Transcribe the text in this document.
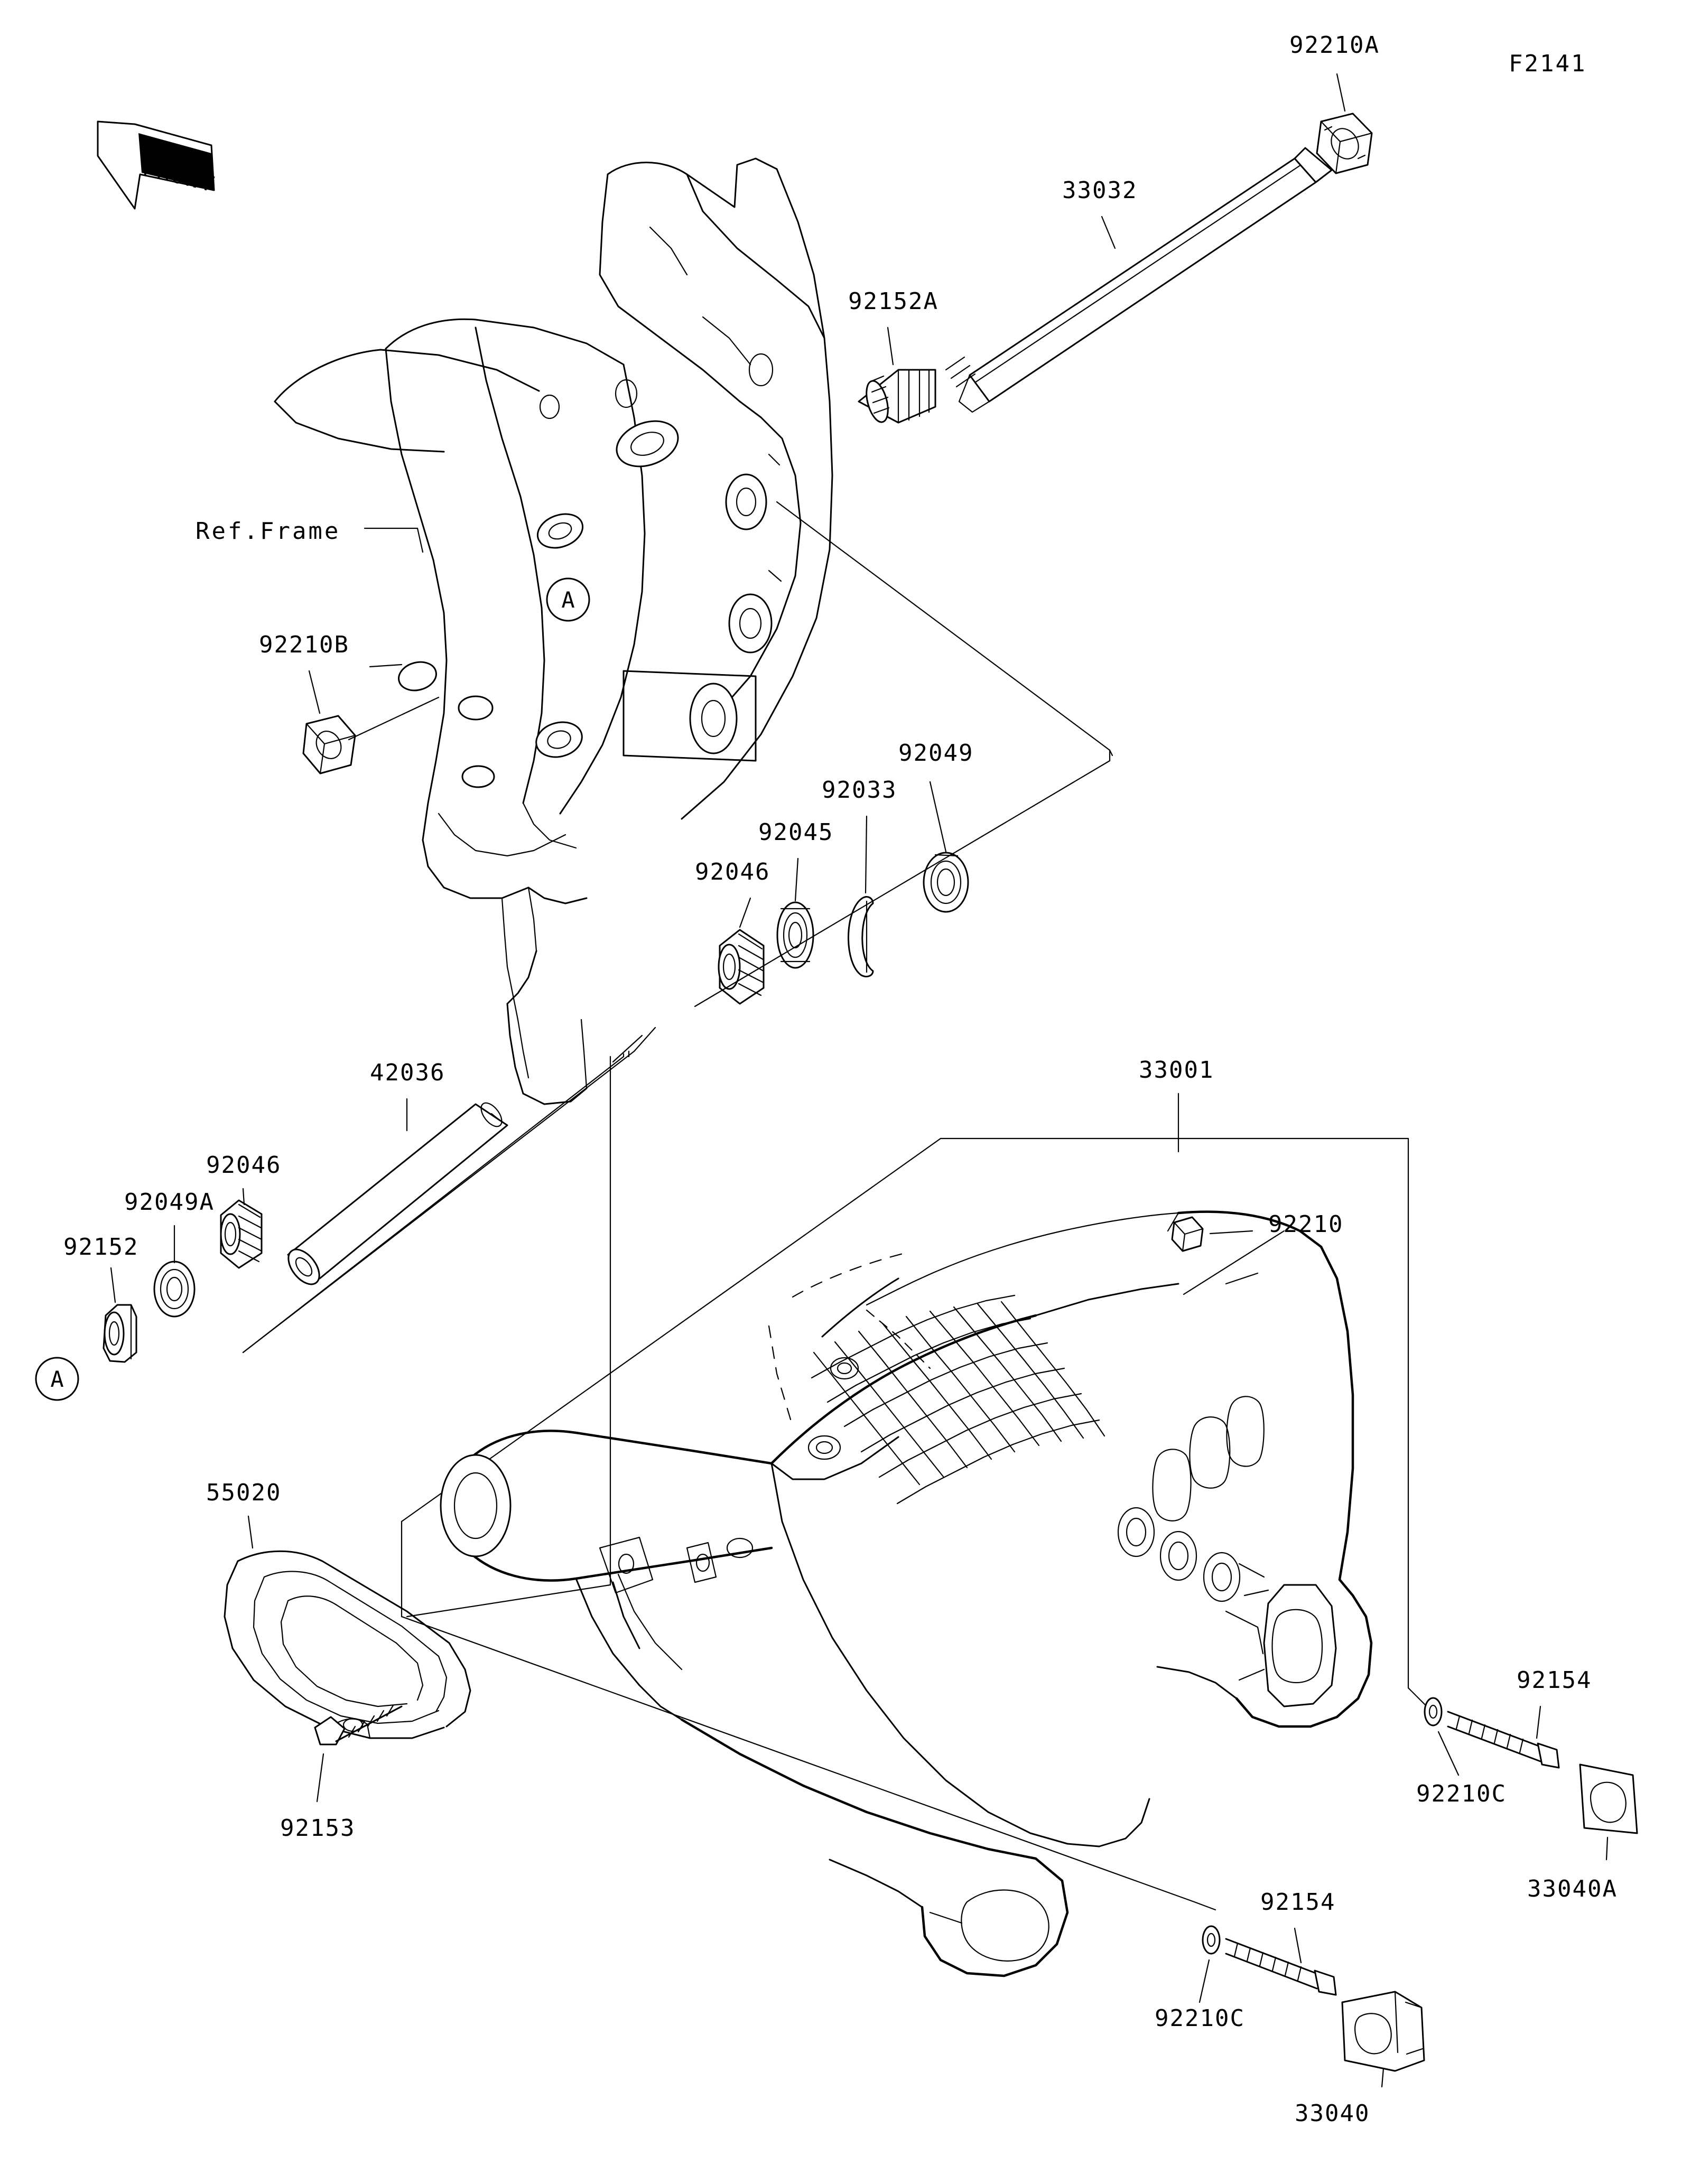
FRONT
A
A
F2141
92210A
33032
92152A
Ref.Frame
92210B
92049
92033
92045
92046
42036	33001
92046
92049A
92152
92210
55020
92154
92210C
33040A
92153
92154
92210C
33040
